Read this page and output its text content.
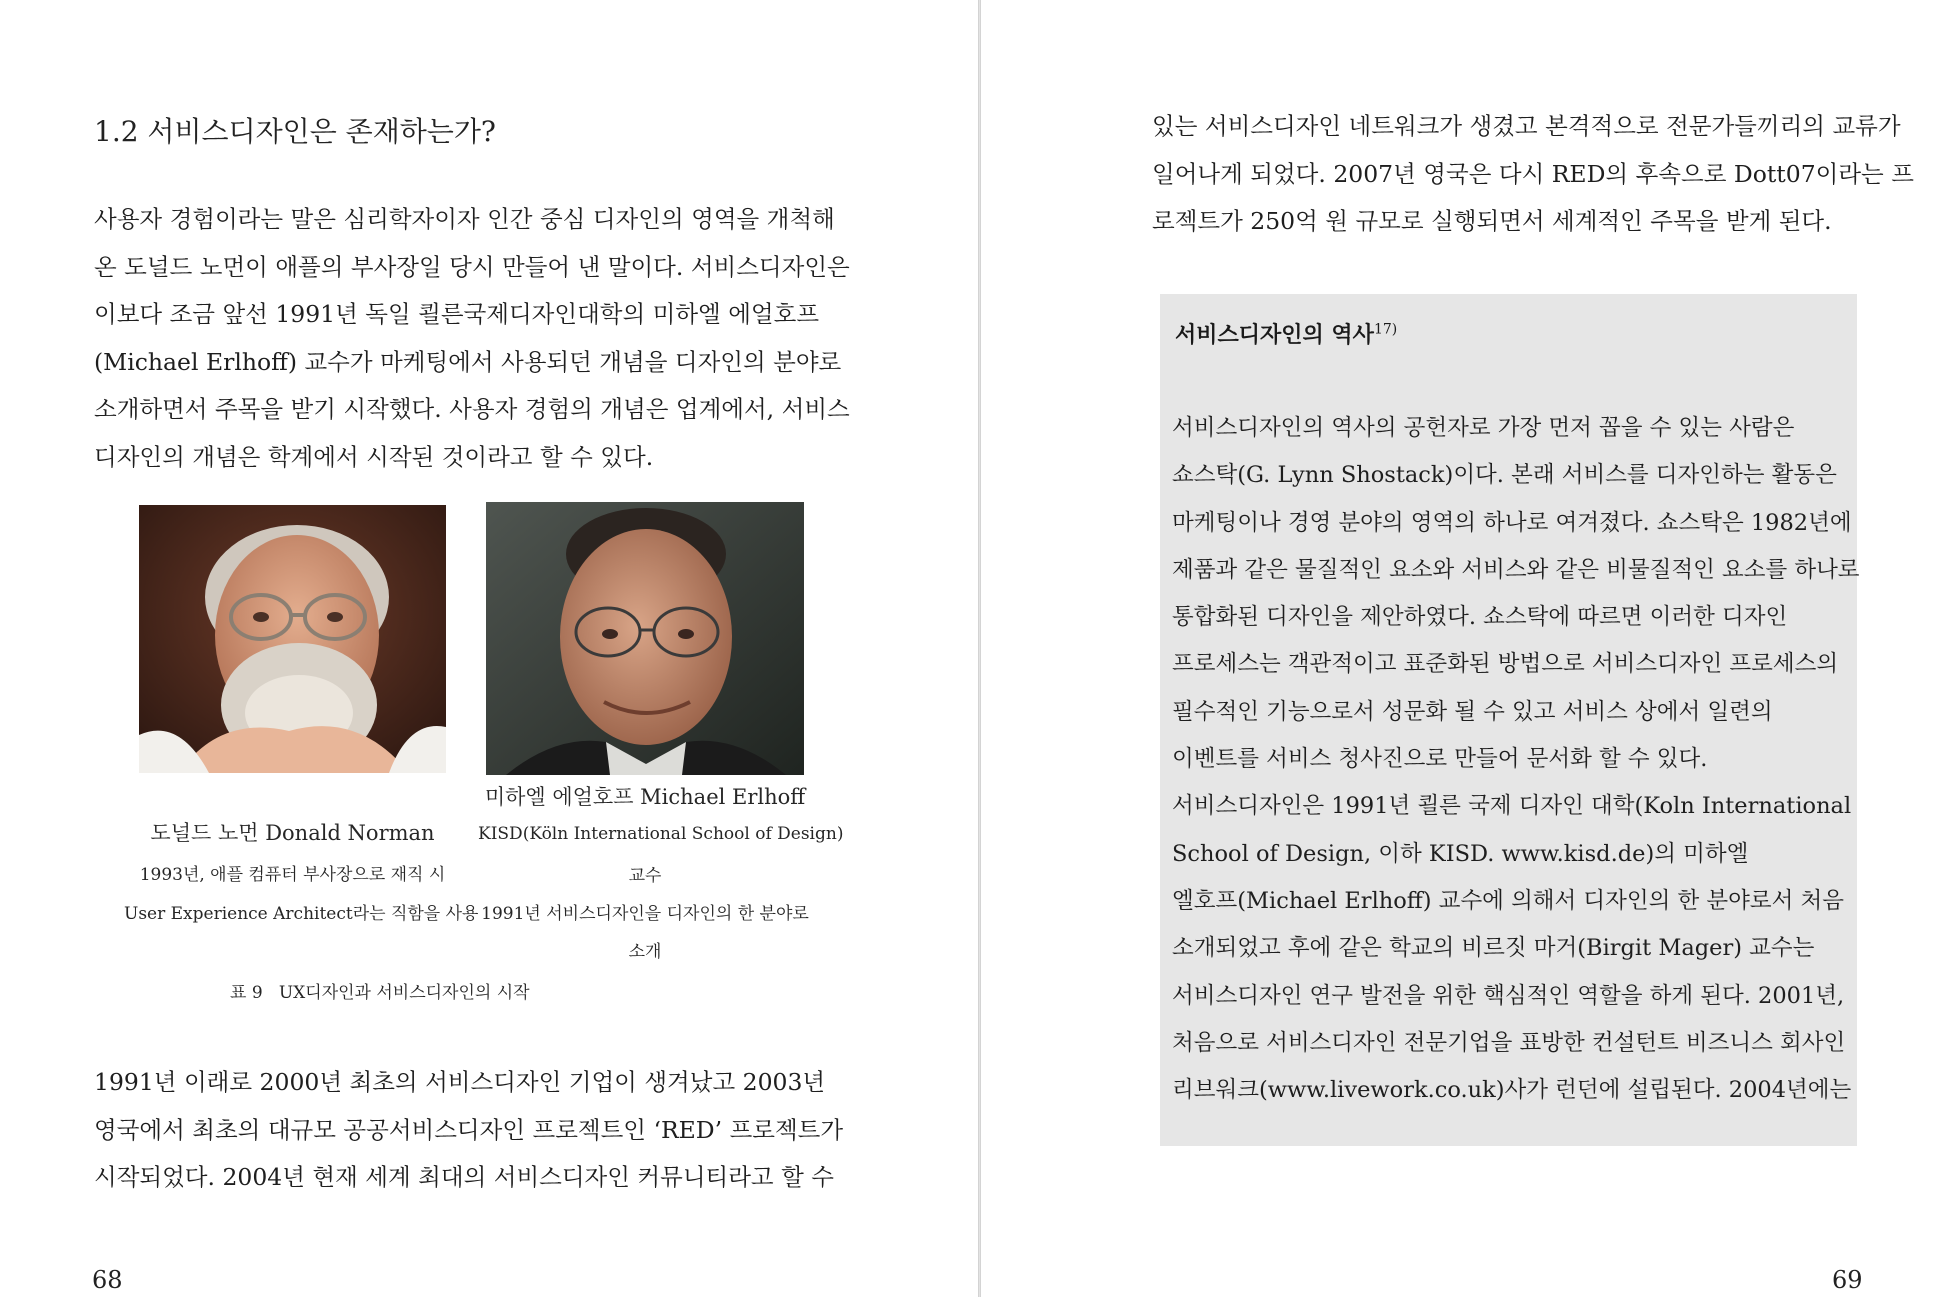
1.2 서비스디자인은 존재하는가?
사용자 경험이라는 말은 심리학자이자 인간 중심 디자인의 영역을 개척해
온 도널드 노먼이 애플의 부사장일 당시 만들어 낸 말이다. 서비스디자인은
이보다 조금 앞선 1991년 독일 쾰른국제디자인대학의 미하엘 에얼호프
(Michael Erlhoff) 교수가 마케팅에서 사용되던 개념을 디자인의 분야로
소개하면서 주목을 받기 시작했다. 사용자 경험의 개념은 업계에서, 서비스
디자인의 개념은 학계에서 시작된 것이라고 할 수 있다.
도널드 노먼 Donald Norman
1993년, 애플 컴퓨터 부사장으로 재직 시
User Experience Architect라는 직함을 사용
미하엘 에얼호프 Michael Erlhoff
KISD(Köln International School of Design)
교수
1991년 서비스디자인을 디자인의 한 분야로
소개
표 9   UX디자인과 서비스디자인의 시작
1991년 이래로 2000년 최초의 서비스디자인 기업이 생겨났고 2003년
영국에서 최초의 대규모 공공서비스디자인 프로젝트인 ‘RED’ 프로젝트가
시작되었다. 2004년 현재 세계 최대의 서비스디자인 커뮤니티라고 할 수
68
있는 서비스디자인 네트워크가 생겼고 본격적으로 전문가들끼리의 교류가
일어나게 되었다. 2007년 영국은 다시 RED의 후속으로 Dott07이라는 프
로젝트가 250억 원 규모로 실행되면서 세계적인 주목을 받게 된다.
서비스디자인의 역사$^{17)}$
서비스디자인의 역사의 공헌자로 가장 먼저 꼽을 수 있는 사람은
쇼스탁(G. Lynn Shostack)이다. 본래 서비스를 디자인하는 활동은
마케팅이나 경영 분야의 영역의 하나로 여겨졌다. 쇼스탁은 1982년에
제품과 같은 물질적인 요소와 서비스와 같은 비물질적인 요소를 하나로
통합화된 디자인을 제안하였다. 쇼스탁에 따르면 이러한 디자인
프로세스는 객관적이고 표준화된 방법으로 서비스디자인 프로세스의
필수적인 기능으로서 성문화 될 수 있고 서비스 상에서 일련의
이벤트를 서비스 청사진으로 만들어 문서화 할 수 있다.
서비스디자인은 1991년 쾰른 국제 디자인 대학(Koln International
School of Design, 이하 KISD. www.kisd.de)의 미하엘
엘호프(Michael Erlhoff) 교수에 의해서 디자인의 한 분야로서 처음
소개되었고 후에 같은 학교의 비르짓 마거(Birgit Mager) 교수는
서비스디자인 연구 발전을 위한 핵심적인 역할을 하게 된다. 2001년,
처음으로 서비스디자인 전문기업을 표방한 컨설턴트 비즈니스 회사인
리브워크(www.livework.co.uk)사가 런던에 설립된다. 2004년에는
69
